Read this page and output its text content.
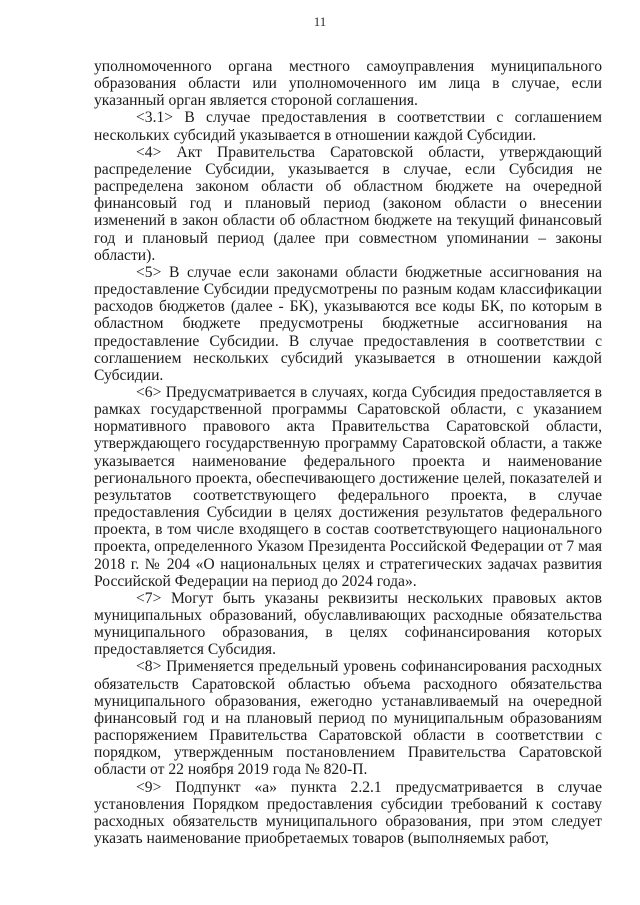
11

уполномоченного органа местного самоуправления муниципального образования области или уполномоченного им лица в случае, если указанный орган является стороной соглашения.

<3.1> В случае предоставления в соответствии с соглашением нескольких субсидий указывается в отношении каждой Субсидии.

<4> Акт Правительства Саратовской области, утверждающий распределение Субсидии, указывается в случае, если Субсидия не распределена законом области об областном бюджете на очередной финансовый год и плановый период (законом области о внесении изменений в закон области об областном бюджете на текущий финансовый год и плановый период (далее при совместном упоминании – законы области).

<5> В случае если законами области бюджетные ассигнования на предоставление Субсидии предусмотрены по разным кодам классификации расходов бюджетов (далее - БК), указываются все коды БК, по которым в областном бюджете предусмотрены бюджетные ассигнования на предоставление Субсидии. В случае предоставления в соответствии с соглашением нескольких субсидий указывается в отношении каждой Субсидии.

<6> Предусматривается в случаях, когда Субсидия предоставляется в рамках государственной программы Саратовской области, с указанием нормативного правового акта Правительства Саратовской области, утверждающего государственную программу Саратовской области, а также указывается наименование федерального проекта и наименование регионального проекта, обеспечивающего достижение целей, показателей и результатов соответствующего федерального проекта, в случае предоставления Субсидии в целях достижения результатов федерального проекта, в том числе входящего в состав соответствующего национального проекта, определенного Указом Президента Российской Федерации от 7 мая 2018 г. № 204 «О национальных целях и стратегических задачах развития Российской Федерации на период до 2024 года».

<7> Могут быть указаны реквизиты нескольких правовых актов муниципальных образований, обуславливающих расходные обязательства муниципального образования, в целях софинансирования которых предоставляется Субсидия.

<8> Применяется предельный уровень софинансирования расходных обязательств Саратовской областью объема расходного обязательства муниципального образования, ежегодно устанавливаемый на очередной финансовый год и на плановый период по муниципальным образованиям распоряжением Правительства Саратовской области в соответствии с порядком, утвержденным постановлением Правительства Саратовской области от 22 ноября 2019 года № 820-П.

<9> Подпункт «а» пункта 2.2.1 предусматривается в случае установления Порядком предоставления субсидии требований к составу расходных обязательств муниципального образования, при этом следует указать наименование приобретаемых товаров (выполняемых работ,
